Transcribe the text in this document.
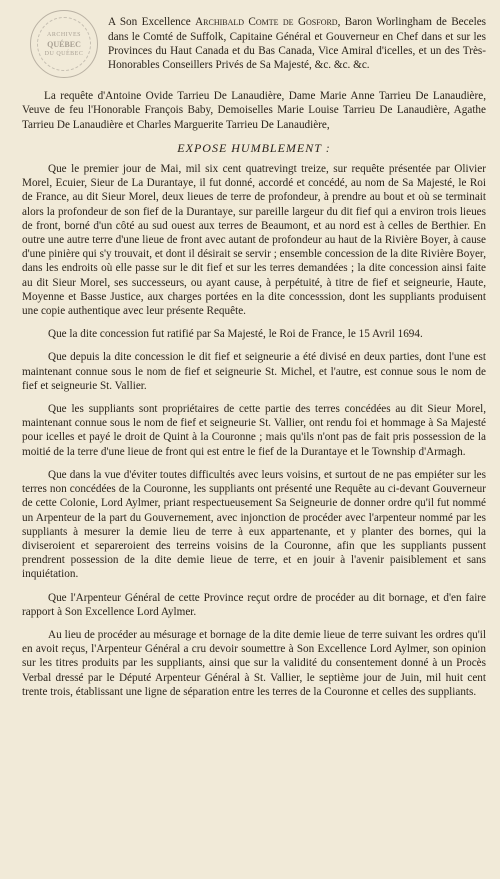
ARCHIVES
QUÉBEC
DU QUÉBEC

A Son Excellence Archibald Comte de Gosford, Baron Worlingham de Beceles dans le Comté de Suffolk, Capitaine Général et Gouverneur en Chef dans et sur les Provinces du Haut Canada et du Bas Canada, Vice Amiral d'icelles, et un des Très-Honorables Conseillers Privés de Sa Majesté, &c. &c. &c.

La requête d'Antoine Ovide Tarrieu De Lanaudière, Dame Marie Anne Tarrieu De Lanaudière, Veuve de feu l'Honorable François Baby, Demoiselles Marie Louise Tarrieu De Lanaudière, Agathe Tarrieu De Lanaudière et Charles Marguerite Tarrieu De Lanaudière,

EXPOSE HUMBLEMENT :

Que le premier jour de Mai, mil six cent quatrevingt treize, sur requête présentée par Olivier Morel, Ecuier, Sieur de La Durantaye, il fut donné, accordé et concédé, au nom de Sa Majesté, le Roi de France, au dit Sieur Morel, deux lieues de terre de profondeur, à prendre au bout et où se terminait alors la profondeur de son fief de la Durantaye, sur pareille largeur du dit fief qui a environ trois lieues de front, borné d'un côté au sud ouest aux terres de Beaumont, et au nord est à celles de Berthier. En outre une autre terre d'une lieue de front avec autant de profondeur au haut de la Rivière Boyer, à cause d'une pinière qui s'y trouvait, et dont il désirait se servir ; ensemble concession de la dite Rivière Boyer, dans les endroits où elle passe sur le dit fief et sur les terres demandées ; la dite concession ainsi faite au dit Sieur Morel, ses successeurs, ou ayant cause, à perpétuité, à titre de fief et seigneurie, Haute, Moyenne et Basse Justice, aux charges portées en la dite concesssion, dont les suppliants produisent une copie authentique avec leur présente Requête.

Que la dite concession fut ratifié par Sa Majesté, le Roi de France, le 15 Avril 1694.

Que depuis la dite concession le dit fief et seigneurie a été divisé en deux parties, dont l'une est maintenant connue sous le nom de fief et seigneurie St. Michel, et l'autre, est connue sous le nom de fief et seigneurie St. Vallier.

Que les suppliants sont propriétaires de cette partie des terres concédées au dit Sieur Morel, maintenant connue sous le nom de fief et seigneurie St. Vallier, ont rendu foi et hommage à Sa Majesté pour icelles et payé le droit de Quint à la Couronne ; mais qu'ils n'ont pas de fait pris possession de la moitié de la terre d'une lieue de front qui est entre le fief de la Durantaye et le Township d'Armagh.

Que dans la vue d'éviter toutes difficultés avec leurs voisins, et surtout de ne pas empiéter sur les terres non concédées de la Couronne, les suppliants ont présenté une Requête au ci-devant Gouverneur de cette Colonie, Lord Aylmer, priant respectueusement Sa Seigneurie de donner ordre qu'il fut nommé un Arpenteur de la part du Gouvernement, avec injonction de procéder avec l'arpenteur nommé par les suppliants à mesurer la demie lieu de terre à eux appartenante, et y planter des bornes, qui la diviseroient et separeroient des terreins voisins de la Couronne, afin que les suppliants pussent prendrent possession de la dite demie lieue de terre, et en jouir à l'avenir paisiblement et sans inquiétation.

Que l'Arpenteur Général de cette Province reçut ordre de procéder au dit bornage, et d'en faire rapport à Son Excellence Lord Aylmer.

Au lieu de procéder au mésurage et bornage de la dite demie lieue de terre suivant les ordres qu'il en avoit reçus, l'Arpenteur Général a cru devoir soumettre à Son Excellence Lord Aylmer, son opinion sur les titres produits par les suppliants, ainsi que sur la validité du consentement donné à un Procès Verbal dressé par le Député Arpenteur Général à St. Vallier, le septième jour de Juin, mil huit cent trente trois, établissant une ligne de séparation entre les terres de la Couronne et celles des suppliants.
